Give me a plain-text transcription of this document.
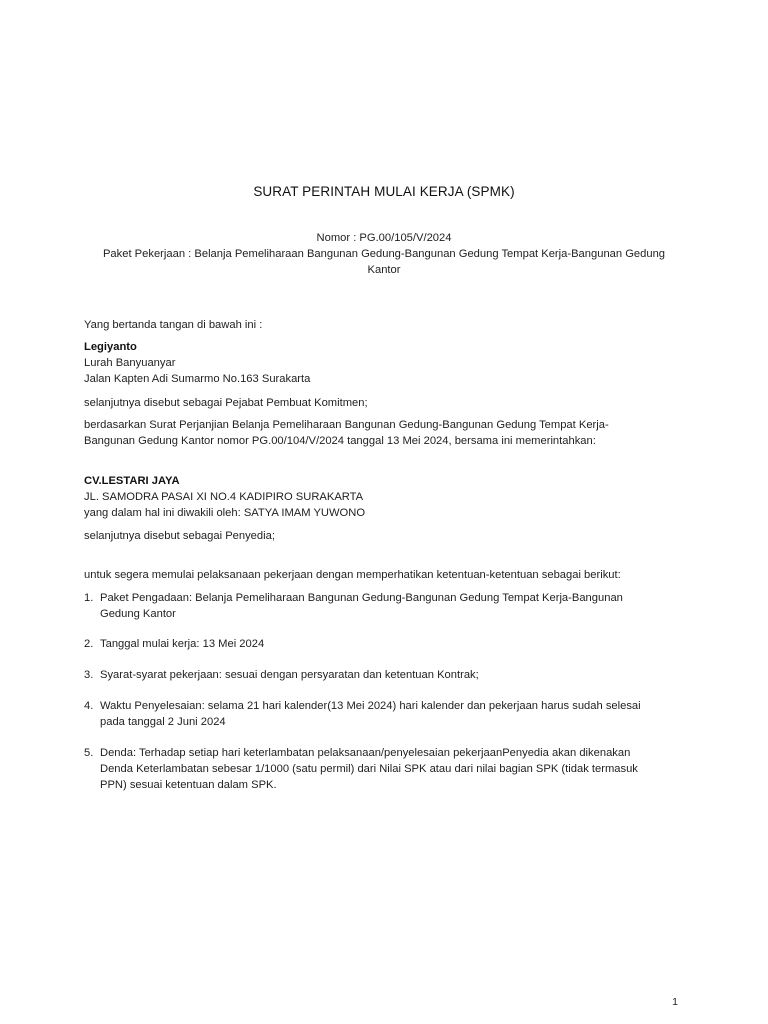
SURAT PERINTAH MULAI KERJA (SPMK)
Nomor : PG.00/105/V/2024
Paket Pekerjaan : Belanja Pemeliharaan Bangunan Gedung-Bangunan Gedung Tempat Kerja-Bangunan Gedung
Kantor
Yang bertanda tangan di bawah ini :
Legiyanto
Lurah Banyuanyar
Jalan Kapten Adi Sumarmo No.163 Surakarta
selanjutnya disebut sebagai Pejabat Pembuat Komitmen;
berdasarkan Surat Perjanjian Belanja Pemeliharaan Bangunan Gedung-Bangunan Gedung Tempat Kerja-
Bangunan Gedung Kantor nomor PG.00/104/V/2024 tanggal 13 Mei 2024, bersama ini memerintahkan:
CV.LESTARI JAYA
JL. SAMODRA PASAI XI NO.4 KADIPIRO SURAKARTA
yang dalam hal ini diwakili oleh: SATYA IMAM YUWONO
selanjutnya disebut sebagai Penyedia;
untuk segera memulai pelaksanaan pekerjaan dengan memperhatikan ketentuan-ketentuan sebagai berikut:
1. Paket Pengadaan: Belanja Pemeliharaan Bangunan Gedung-Bangunan Gedung Tempat Kerja-Bangunan
Gedung Kantor
2. Tanggal mulai kerja: 13 Mei 2024
3. Syarat-syarat pekerjaan: sesuai dengan persyaratan dan ketentuan Kontrak;
4. Waktu Penyelesaian: selama 21 hari kalender(13 Mei 2024) hari kalender dan pekerjaan harus sudah selesai
pada tanggal 2 Juni 2024
5. Denda: Terhadap setiap hari keterlambatan pelaksanaan/penyelesaian pekerjaanPenyedia akan dikenakan
Denda Keterlambatan sebesar 1/1000 (satu permil) dari Nilai SPK atau dari nilai bagian SPK (tidak termasuk
PPN) sesuai ketentuan dalam SPK.
1
